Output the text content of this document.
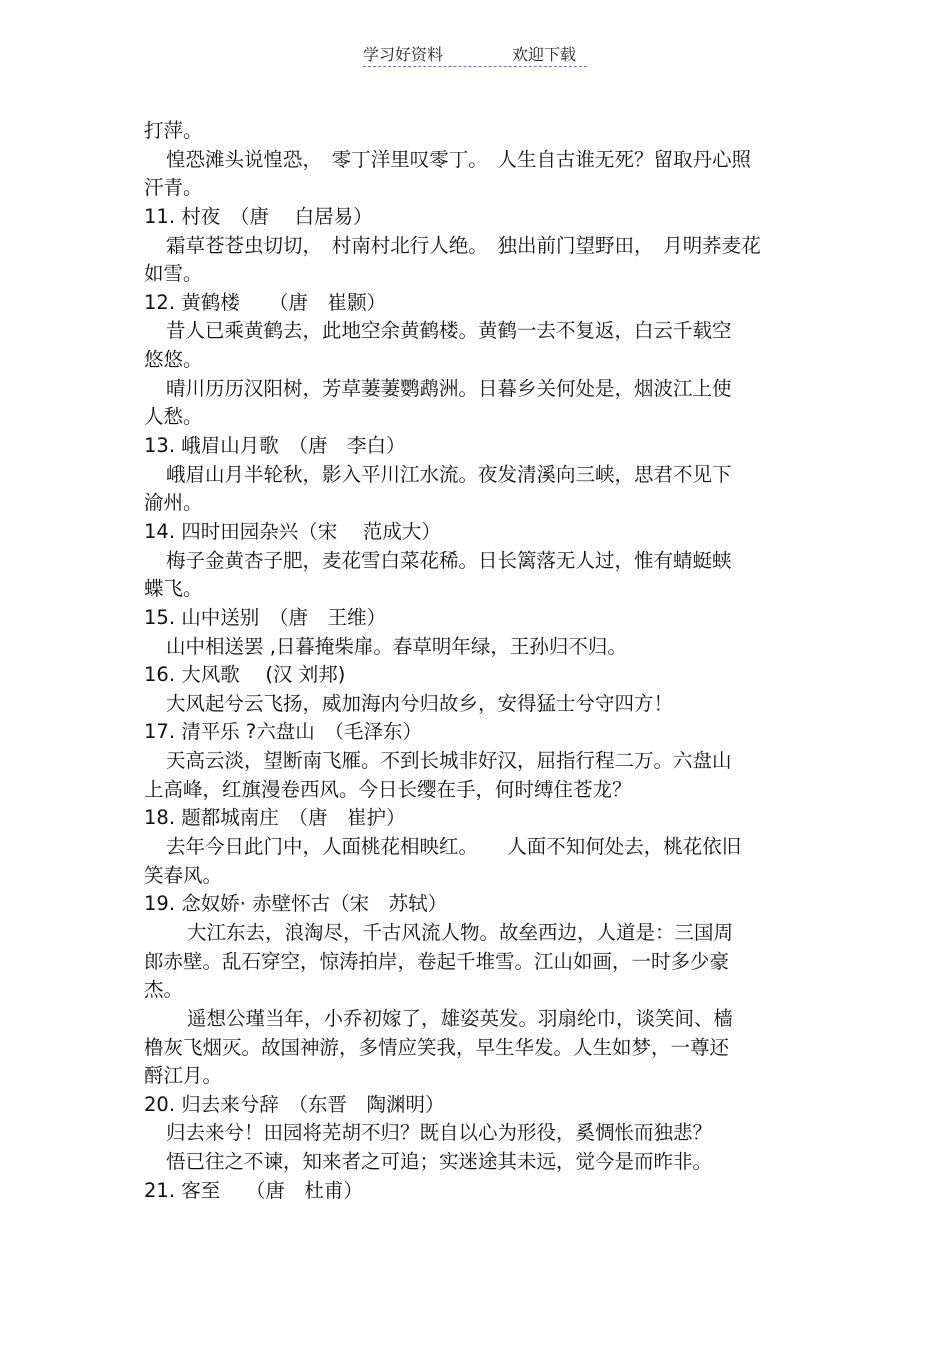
学习好资料	欢迎下载
打萍。
惶恐滩头说惶恐，　零丁洋里叹零丁。　人生自古谁无死？留取丹心照
汗青。
11. 村夜　（唐　 白居易）
霜草苍苍虫切切，　村南村北行人绝。　独出前门望野田，　月明荞麦花
如雪。
12. 黄鹤楼　　（唐　崔颢）
昔人已乘黄鹤去，此地空余黄鹤楼。黄鹤一去不复返，白云千载空
悠悠。
晴川历历汉阳树，芳草萋萋鹦鹉洲。日暮乡关何处是，烟波江上使
人愁。
13. 峨眉山月歌　（唐　李白）
峨眉山月半轮秋，影入平川江水流。夜发清溪向三峡，思君不见下
渝州。
14. 四时田园杂兴（宋　 范成大）
梅子金黄杏子肥，麦花雪白菜花稀。日长篱落无人过，惟有蜻蜓蛱
蝶飞。
15. 山中送别　（唐　王维）
山中相送罢 ,日暮掩柴扉。春草明年绿，王孙归不归。
16. 大风歌　 (汉 刘邦)
大风起兮云飞扬，威加海内兮归故乡，安得猛士兮守四方！
17. 清平乐 ?六盘山　（毛泽东）
天高云淡，望断南飞雁。不到长城非好汉，屈指行程二万。六盘山
上高峰，红旗漫卷西风。今日长缨在手，何时缚住苍龙？
18. 题都城南庄　（唐　崔护）
去年今日此门中，人面桃花相映红。　　人面不知何处去，桃花依旧
笑春风。
19. 念奴娇· 赤壁怀古（宋　苏轼）
大江东去，浪淘尽，千古风流人物。故垒西边，人道是：三国周
郎赤壁。乱石穿空，惊涛拍岸，卷起千堆雪。江山如画，一时多少豪
杰。
遥想公瑾当年，小乔初嫁了，雄姿英发。羽扇纶巾，谈笑间、樯
橹灰飞烟灭。故国神游，多情应笑我，早生华发。人生如梦，一尊还
酹江月。
20. 归去来兮辞　（东晋　陶渊明）
归去来兮！田园将芜胡不归？既自以心为形役，奚惆怅而独悲？
悟已往之不谏，知来者之可追；实迷途其未远，觉今是而昨非。
21. 客至　 （唐　杜甫）
